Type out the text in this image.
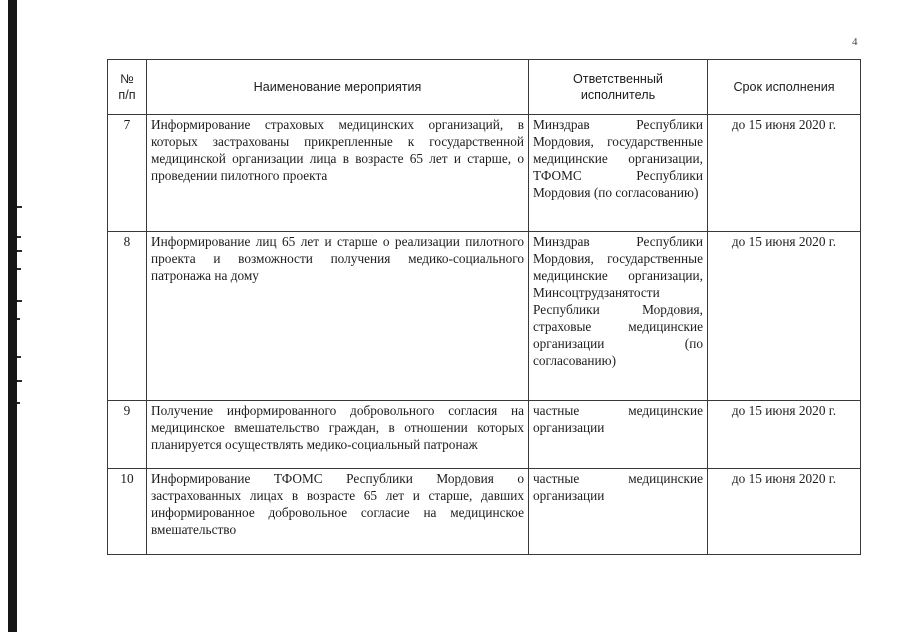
4
№ п/п	Наименование мероприятия	Ответственный исполнитель	Срок исполнения
7	Информирование страховых медицинских организаций, в которых застрахованы прикрепленные к государственной медицинской организации лица в возрасте 65 лет и старше, о проведении пилотного проекта	Минздрав Республики Мордовия, государственные медицинские организации, ТФОМС Республики Мордовия (по согласованию)	до 15 июня 2020 г.
8	Информирование лиц 65 лет и старше о реализации пилотного проекта и возможности получения медико-социального патронажа на дому	Минздрав Республики Мордовия, государственные медицинские организации, Минсоцтрудзанятости Республики Мордовия, страховые медицинские организации (по согласованию)	до 15 июня 2020 г.
9	Получение информированного добровольного согласия на медицинское вмешательство граждан, в отношении которых планируется осуществлять медико-социальный патронаж	частные медицинские организации	до 15 июня 2020 г.
10	Информирование ТФОМС Республики Мордовия о застрахованных лицах в возрасте 65 лет и старше, давших информированное добровольное согласие на медицинское вмешательство	частные медицинские организации	до 15 июня 2020 г.
